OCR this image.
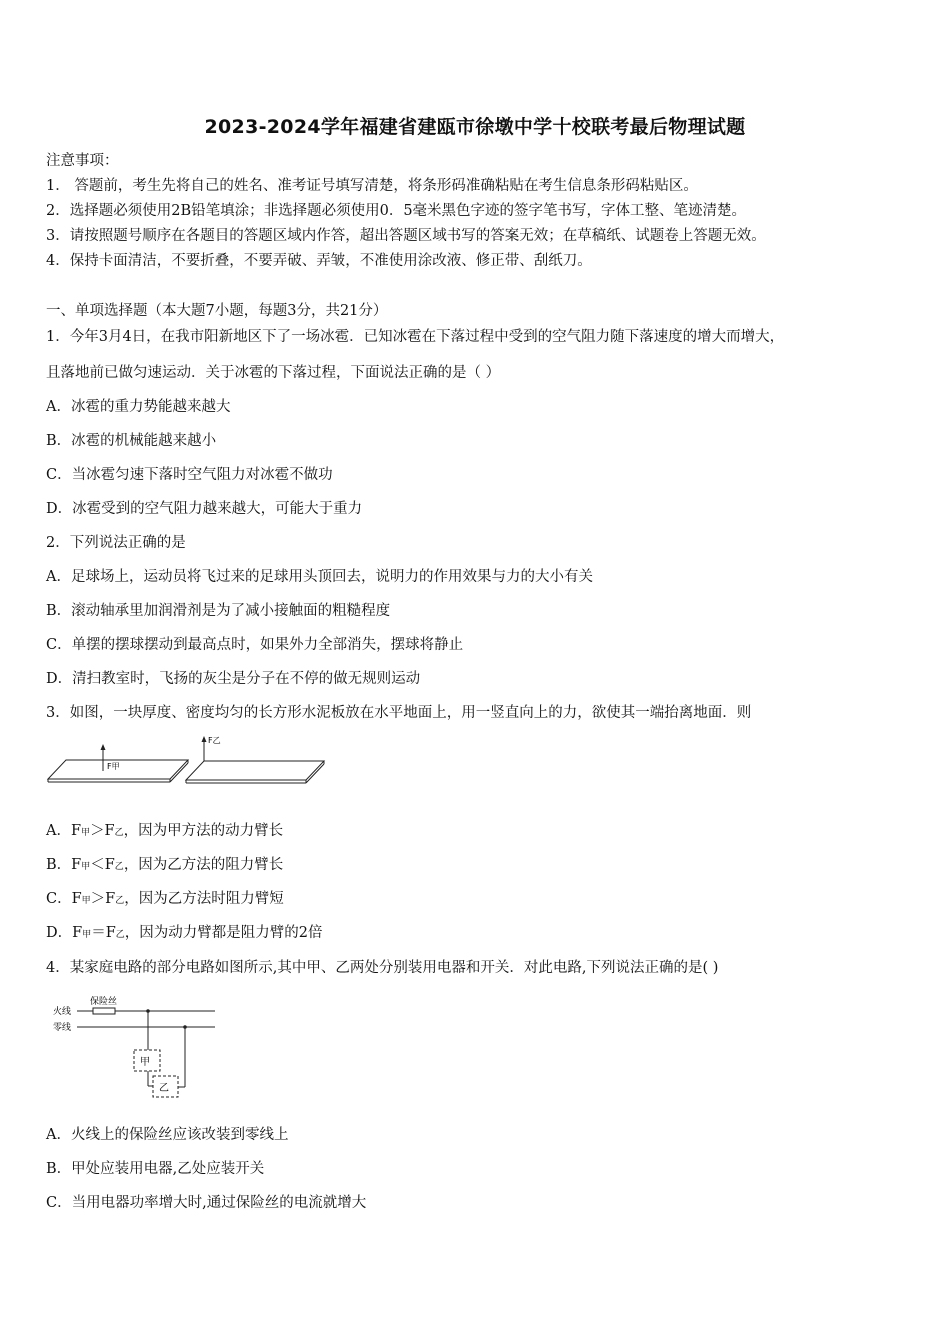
2023-2024学年福建省建瓯市徐墩中学十校联考最后物理试题
注意事项：
1． 答题前，考生先将自己的姓名、准考证号填写清楚，将条形码准确粘贴在考生信息条形码粘贴区。
2．选择题必须使用2B铅笔填涂；非选择题必须使用0．5毫米黑色字迹的签字笔书写，字体工整、笔迹清楚。
3．请按照题号顺序在各题目的答题区域内作答，超出答题区域书写的答案无效；在草稿纸、试题卷上答题无效。
4．保持卡面清洁，不要折叠，不要弄破、弄皱，不准使用涂改液、修正带、刮纸刀。
一、单项选择题（本大题7小题，每题3分，共21分）
1．今年3月4日，在我市阳新地区下了一场冰雹．已知冰雹在下落过程中受到的空气阻力随下落速度的增大而增大，
且落地前已做匀速运动．关于冰雹的下落过程，下面说法正确的是（ ）
A．冰雹的重力势能越来越大
B．冰雹的机械能越来越小
C．当冰雹匀速下落时空气阻力对冰雹不做功
D．冰雹受到的空气阻力越来越大，可能大于重力
2．下列说法正确的是
A．足球场上，运动员将飞过来的足球用头顶回去，说明力的作用效果与力的大小有关
B．滚动轴承里加润滑剂是为了减小接触面的粗糙程度
C．单摆的摆球摆动到最高点时，如果外力全部消失，摆球将静止
D．清扫教室时，飞扬的灰尘是分子在不停的做无规则运动
3．如图，一块厚度、密度均匀的长方形水泥板放在水平地面上，用一竖直向上的力，欲使其一端抬离地面．则
F甲
F乙
A．F甲＞F乙，因为甲方法的动力臂长
B．F甲＜F乙，因为乙方法的阻力臂长
C．F甲＞F乙，因为乙方法时阻力臂短
D．F甲＝F乙，因为动力臂都是阻力臂的2倍
4．某家庭电路的部分电路如图所示,其中甲、乙两处分别装用电器和开关．对此电路,下列说法正确的是( )
火线
零线
保险丝
甲
乙
A．火线上的保险丝应该改装到零线上
B．甲处应装用电器,乙处应装开关
C．当用电器功率增大时,通过保险丝的电流就增大
